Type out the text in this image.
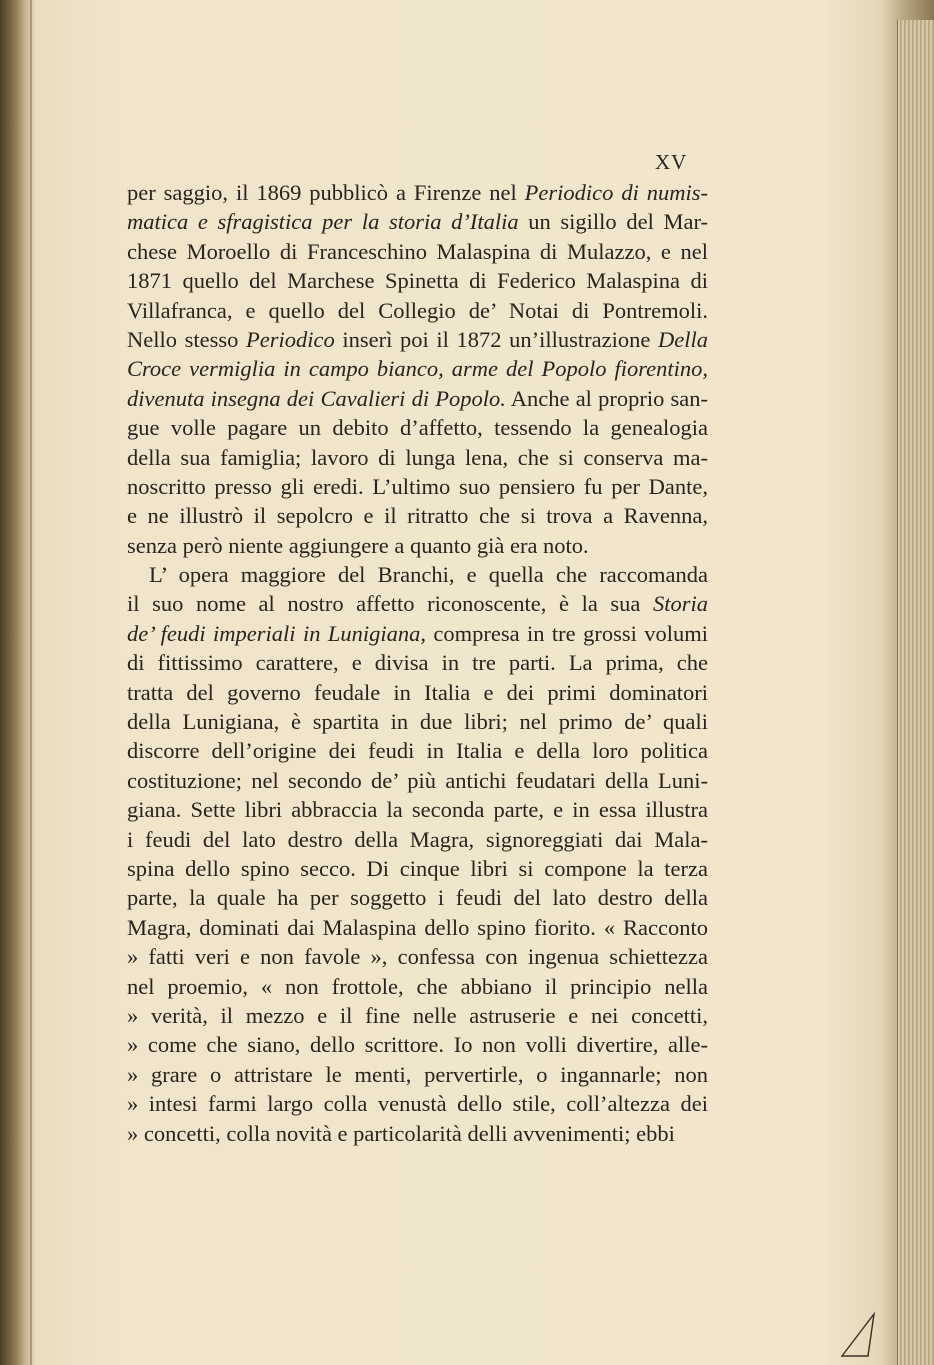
XV
per saggio, il 1869 pubblicò a Firenze nel Periodico di numis-
matica e sfragistica per la storia d’Italia un sigillo del Mar-
chese Moroello di Franceschino Malaspina di Mulazzo, e nel
1871 quello del Marchese Spinetta di Federico Malaspina di
Villafranca, e quello del Collegio de’ Notai di Pontremoli.
Nello stesso Periodico inserì poi il 1872 un’illustrazione Della
Croce vermiglia in campo bianco, arme del Popolo fiorentino,
divenuta insegna dei Cavalieri di Popolo. Anche al proprio san-
gue volle pagare un debito d’affetto, tessendo la genealogia
della sua famiglia; lavoro di lunga lena, che si conserva ma-
noscritto presso gli eredi. L’ultimo suo pensiero fu per Dante,
e ne illustrò il sepolcro e il ritratto che si trova a Ravenna,
senza però niente aggiungere a quanto già era noto.
L’ opera maggiore del Branchi, e quella che raccomanda
il suo nome al nostro affetto riconoscente, è la sua Storia
de’ feudi imperiali in Lunigiana, compresa in tre grossi volumi
di fittissimo carattere, e divisa in tre parti. La prima, che
tratta del governo feudale in Italia e dei primi dominatori
della Lunigiana, è spartita in due libri; nel primo de’ quali
discorre dell’origine dei feudi in Italia e della loro politica
costituzione; nel secondo de’ più antichi feudatari della Luni-
giana. Sette libri abbraccia la seconda parte, e in essa illustra
i feudi del lato destro della Magra, signoreggiati dai Mala-
spina dello spino secco. Di cinque libri si compone la terza
parte, la quale ha per soggetto i feudi del lato destro della
Magra, dominati dai Malaspina dello spino fiorito. « Racconto
» fatti veri e non favole », confessa con ingenua schiettezza
nel proemio, « non frottole, che abbiano il principio nella
» verità, il mezzo e il fine nelle astruserie e nei concetti,
» come che siano, dello scrittore. Io non volli divertire, alle-
» grare o attristare le menti, pervertirle, o ingannarle; non
» intesi farmi largo colla venustà dello stile, coll’altezza dei
» concetti, colla novità e particolarità delli avvenimenti; ebbi
